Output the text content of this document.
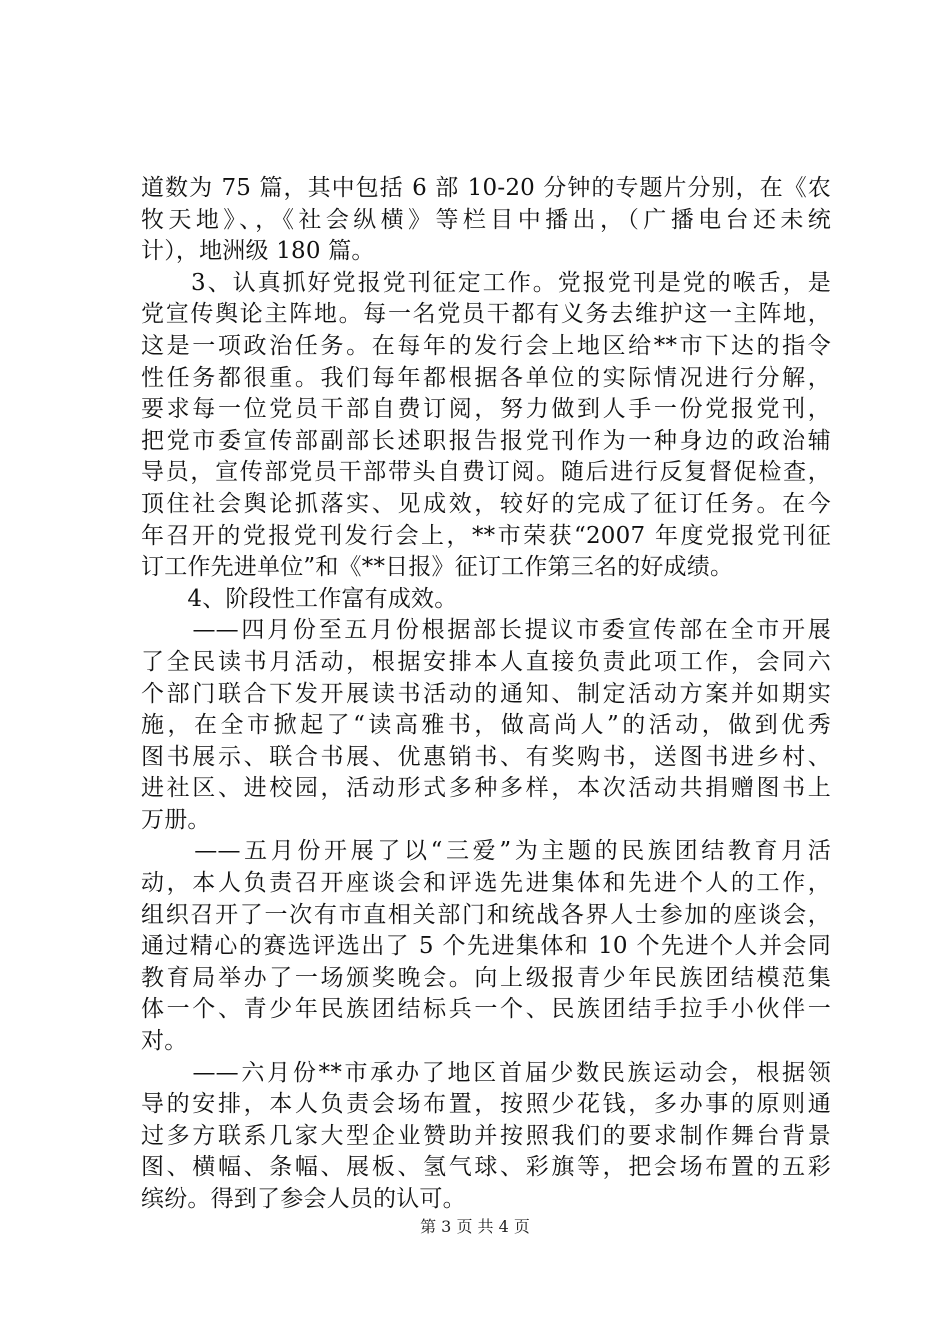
道数为 75 篇，其中包括 6 部 10-20 分钟的专题片分别，在《农
牧天地》、，《社会纵横》等栏目中播出，（广播电台还未统
计），地洲级 180 篇。
　　3、认真抓好党报党刊征定工作。党报党刊是党的喉舌，是
党宣传舆论主阵地。每一名党员干都有义务去维护这一主阵地，
这是一项政治任务。在每年的发行会上地区给**市下达的指令
性任务都很重。我们每年都根据各单位的实际情况进行分解，
要求每一位党员干部自费订阅，努力做到人手一份党报党刊，
把党市委宣传部副部长述职报告报党刊作为一种身边的政治辅
导员，宣传部党员干部带头自费订阅。随后进行反复督促检查，
顶住社会舆论抓落实、见成效，较好的完成了征订任务。在今
年召开的党报党刊发行会上，**市荣获“2007 年度党报党刊征
订工作先进单位”和《**日报》征订工作第三名的好成绩。
　　4、阶段性工作富有成效。
　　——四月份至五月份根据部长提议市委宣传部在全市开展
了全民读书月活动，根据安排本人直接负责此项工作，会同六
个部门联合下发开展读书活动的通知、制定活动方案并如期实
施，在全市掀起了“读高雅书，做高尚人”的活动，做到优秀
图书展示、联合书展、优惠销书、有奖购书，送图书进乡村、
进社区、进校园，活动形式多种多样，本次活动共捐赠图书上
万册。
　　——五月份开展了以“三爱”为主题的民族团结教育月活
动，本人负责召开座谈会和评选先进集体和先进个人的工作，
组织召开了一次有市直相关部门和统战各界人士参加的座谈会，
通过精心的赛选评选出了 5 个先进集体和 10 个先进个人并会同
教育局举办了一场颁奖晚会。向上级报青少年民族团结模范集
体一个、青少年民族团结标兵一个、民族团结手拉手小伙伴一
对。
　　——六月份**市承办了地区首届少数民族运动会，根据领
导的安排，本人负责会场布置，按照少花钱，多办事的原则通
过多方联系几家大型企业赞助并按照我们的要求制作舞台背景
图、横幅、条幅、展板、氢气球、彩旗等，把会场布置的五彩
缤纷。得到了参会人员的认可。
第 3 页 共 4 页
